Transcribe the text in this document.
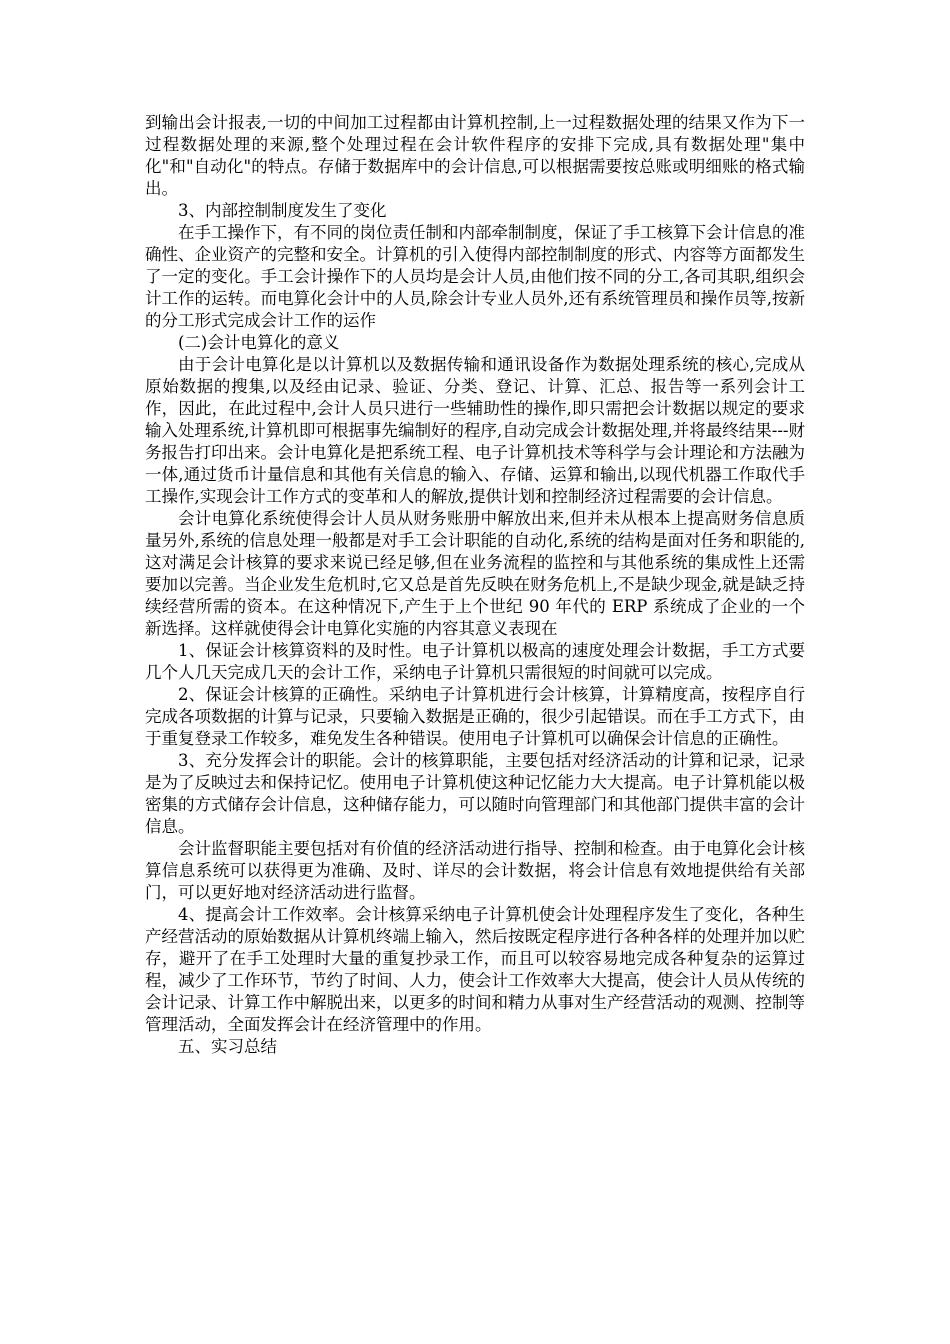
到输出会计报表,一切的中间加工过程都由计算机控制,上一过程数据处理的结果又作为下一过程数据处理的来源,整个处理过程在会计软件程序的安排下完成,具有数据处理"集中化"和"自动化"的特点。存储于数据库中的会计信息,可以根据需要按总账或明细账的格式输出。

3、内部控制制度发生了变化

在手工操作下，有不同的岗位责任制和内部牵制制度，保证了手工核算下会计信息的准确性、企业资产的完整和安全。计算机的引入使得内部控制制度的形式、内容等方面都发生了一定的变化。手工会计操作下的人员均是会计人员,由他们按不同的分工,各司其职,组织会计工作的运转。而电算化会计中的人员,除会计专业人员外,还有系统管理员和操作员等,按新的分工形式完成会计工作的运作

(二)会计电算化的意义

由于会计电算化是以计算机以及数据传输和通讯设备作为数据处理系统的核心,完成从原始数据的搜集,以及经由记录、验证、分类、登记、计算、汇总、报告等一系列会计工作，因此，在此过程中,会计人员只进行一些辅助性的操作,即只需把会计数据以规定的要求输入处理系统,计算机即可根据事先编制好的程序,自动完成会计数据处理,并将最终结果---财务报告打印出来。会计电算化是把系统工程、电子计算机技术等科学与会计理论和方法融为一体,通过货币计量信息和其他有关信息的输入、存储、运算和输出,以现代机器工作取代手工操作,实现会计工作方式的变革和人的解放,提供计划和控制经济过程需要的会计信息。

会计电算化系统使得会计人员从财务账册中解放出来,但并未从根本上提高财务信息质量另外,系统的信息处理一般都是对手工会计职能的自动化,系统的结构是面对任务和职能的,这对满足会计核算的要求来说已经足够,但在业务流程的监控和与其他系统的集成性上还需要加以完善。当企业发生危机时,它又总是首先反映在财务危机上,不是缺少现金,就是缺乏持续经营所需的资本。在这种情况下,产生于上个世纪 90 年代的 ERP 系统成了企业的一个新选择。这样就使得会计电算化实施的内容其意义表现在

1、保证会计核算资料的及时性。电子计算机以极高的速度处理会计数据，手工方式要几个人几天完成几天的会计工作，采纳电子计算机只需很短的时间就可以完成。

2、保证会计核算的正确性。采纳电子计算机进行会计核算，计算精度高，按程序自行完成各项数据的计算与记录，只要输入数据是正确的，很少引起错误。而在手工方式下，由于重复登录工作较多，难免发生各种错误。使用电子计算机可以确保会计信息的正确性。

3、充分发挥会计的职能。会计的核算职能，主要包括对经济活动的计算和记录，记录是为了反映过去和保持记忆。使用电子计算机使这种记忆能力大大提高。电子计算机能以极密集的方式储存会计信息，这种储存能力，可以随时向管理部门和其他部门提供丰富的会计信息。

会计监督职能主要包括对有价值的经济活动进行指导、控制和检查。由于电算化会计核算信息系统可以获得更为准确、及时、详尽的会计数据，将会计信息有效地提供给有关部门，可以更好地对经济活动进行监督。

4、提高会计工作效率。会计核算采纳电子计算机使会计处理程序发生了变化，各种生产经营活动的原始数据从计算机终端上输入，然后按既定程序进行各种各样的处理并加以贮存，避开了在手工处理时大量的重复抄录工作，而且可以较容易地完成各种复杂的运算过程，减少了工作环节，节约了时间、人力，使会计工作效率大大提高，使会计人员从传统的会计记录、计算工作中解脱出来，以更多的时间和精力从事对生产经营活动的观测、控制等管理活动，全面发挥会计在经济管理中的作用。

五、实习总结
